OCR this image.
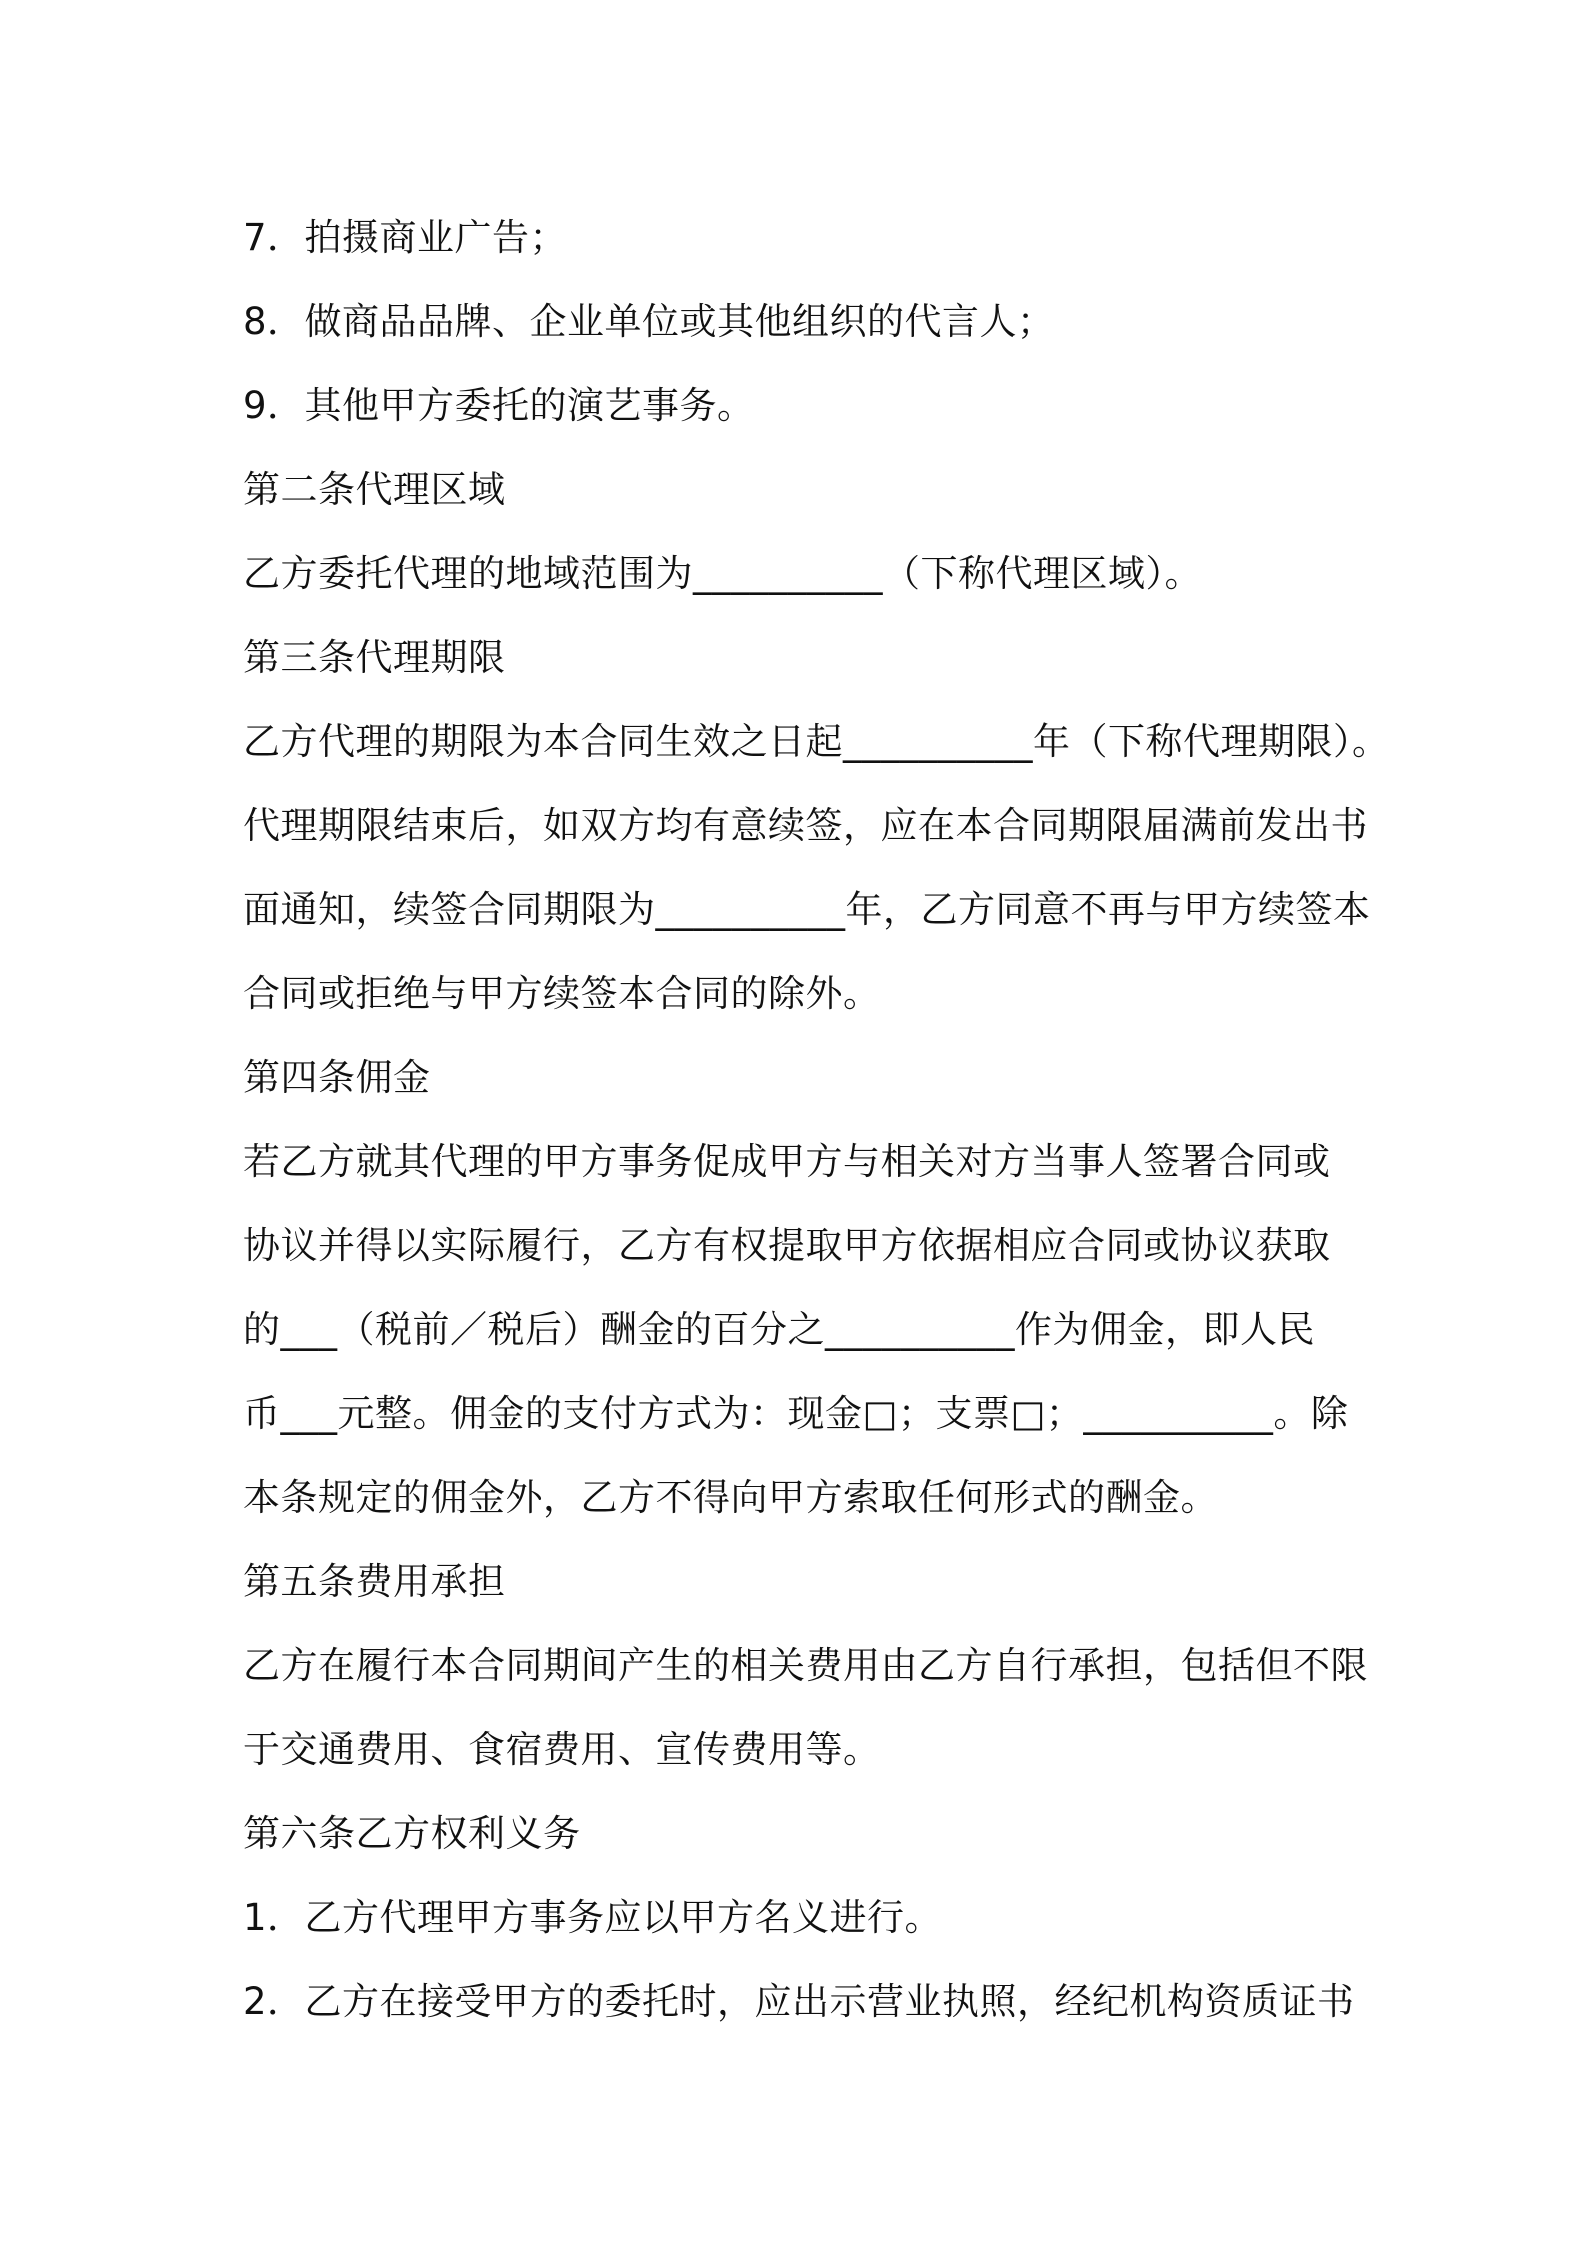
7．拍摄商业广告；
8．做商品品牌、企业单位或其他组织的代言人；
9．其他甲方委托的演艺事务。
第二条代理区域
乙方委托代理的地域范围为__________（下称代理区域）。
第三条代理期限
乙方代理的期限为本合同生效之日起__________年（下称代理期限）。
代理期限结束后，如双方均有意续签，应在本合同期限届满前发出书
面通知，续签合同期限为__________年，乙方同意不再与甲方续签本
合同或拒绝与甲方续签本合同的除外。
第四条佣金
若乙方就其代理的甲方事务促成甲方与相关对方当事人签署合同或
协议并得以实际履行，乙方有权提取甲方依据相应合同或协议获取
的___（税前／税后）酬金的百分之__________作为佣金，即人民
币___元整。佣金的支付方式为：现金□；支票□；__________。除
本条规定的佣金外，乙方不得向甲方索取任何形式的酬金。
第五条费用承担
乙方在履行本合同期间产生的相关费用由乙方自行承担，包括但不限
于交通费用、食宿费用、宣传费用等。
第六条乙方权利义务
1．乙方代理甲方事务应以甲方名义进行。
2．乙方在接受甲方的委托时，应出示营业执照，经纪机构资质证书
